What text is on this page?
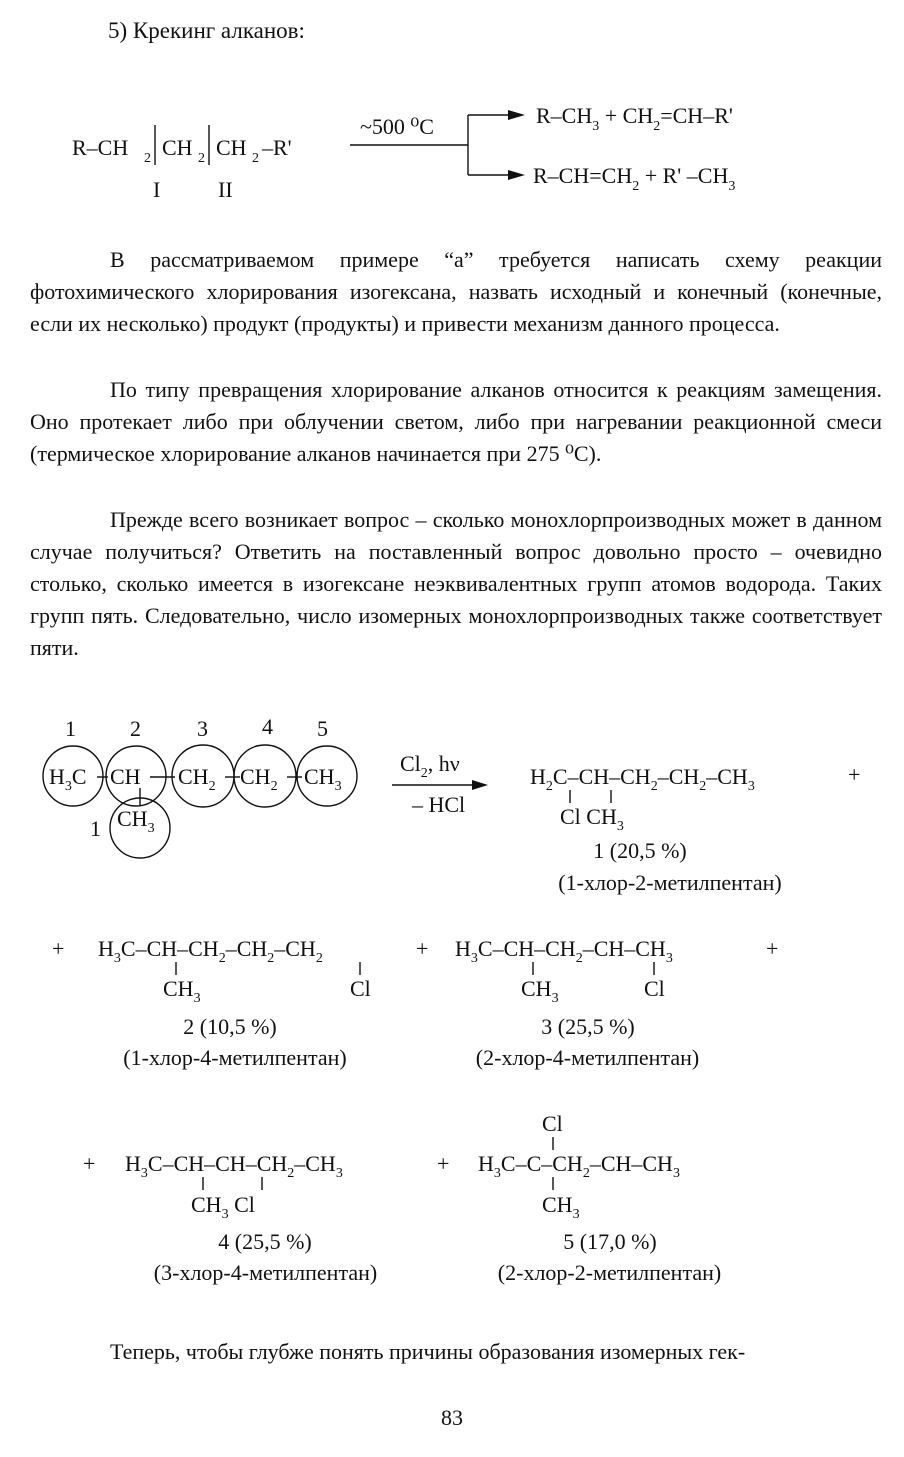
5) Крекинг алканов:
R–CH 2 CH 2 CH 2 –R'
I	II
~500 ⁰С	$R-CH_3 + CH_2=CH-R'$
$R-CH=CH_2 + R'$ $-CH_3$
В рассматриваемом примере “а” требуется написать схему реакции фотохимического хлорирования изогексана, назвать исходный и конечный (конечные, если их несколько) продукт (продукты) и привести механизм данного процесса.
По типу превращения хлорирование алканов относится к реакциям замещения. Оно протекает либо при облучении светом, либо при нагревании реакционной смеси (термическое хлорирование алканов начинается при 275 ⁰С).
Прежде всего возникает вопрос – сколько монохлорпроизводных может в данном случае получиться? Ответить на поставленный вопрос довольно просто – очевидно столько, сколько имеется в изогексане неэквивалентных групп атомов водорода. Таких групп пять. Следовательно, число изомерных монохлорпроизводных также соответствует пяти.
1 2	3 4 5
1
$H_3C$ CH $CH_2$ $CH_2$ $CH_3$
$CH_3$
$Cl_2$, hν
– HCl
$H_2C-CH-CH_2-CH_2-CH_3$
Cl $CH_3$
+
+ $H_3C-CH-CH_2-CH_2-CH_2$
$CH_3$	Cl
+ $H_3C-CH-CH_2-CH-CH_3$
$CH_3$	Cl
+
+ $H_3C-CH-CH-CH_2-CH_3$
$CH_3$ Cl
+
Cl
$H_3C-C-CH_2-CH-CH_3$
$CH_3$
1 (20,5 %)
(1-хлор-2-метилпентан)
2 (10,5 %)
(1-хлор-4-метилпентан)
3 (25,5 %)
(2-хлор-4-метилпентан)
4 (25,5 %)
(3-хлор-4-метилпентан)
5 (17,0 %)
(2-хлор-2-метилпентан)
Теперь, чтобы глубже понять причины образования изомерных гек-
83
